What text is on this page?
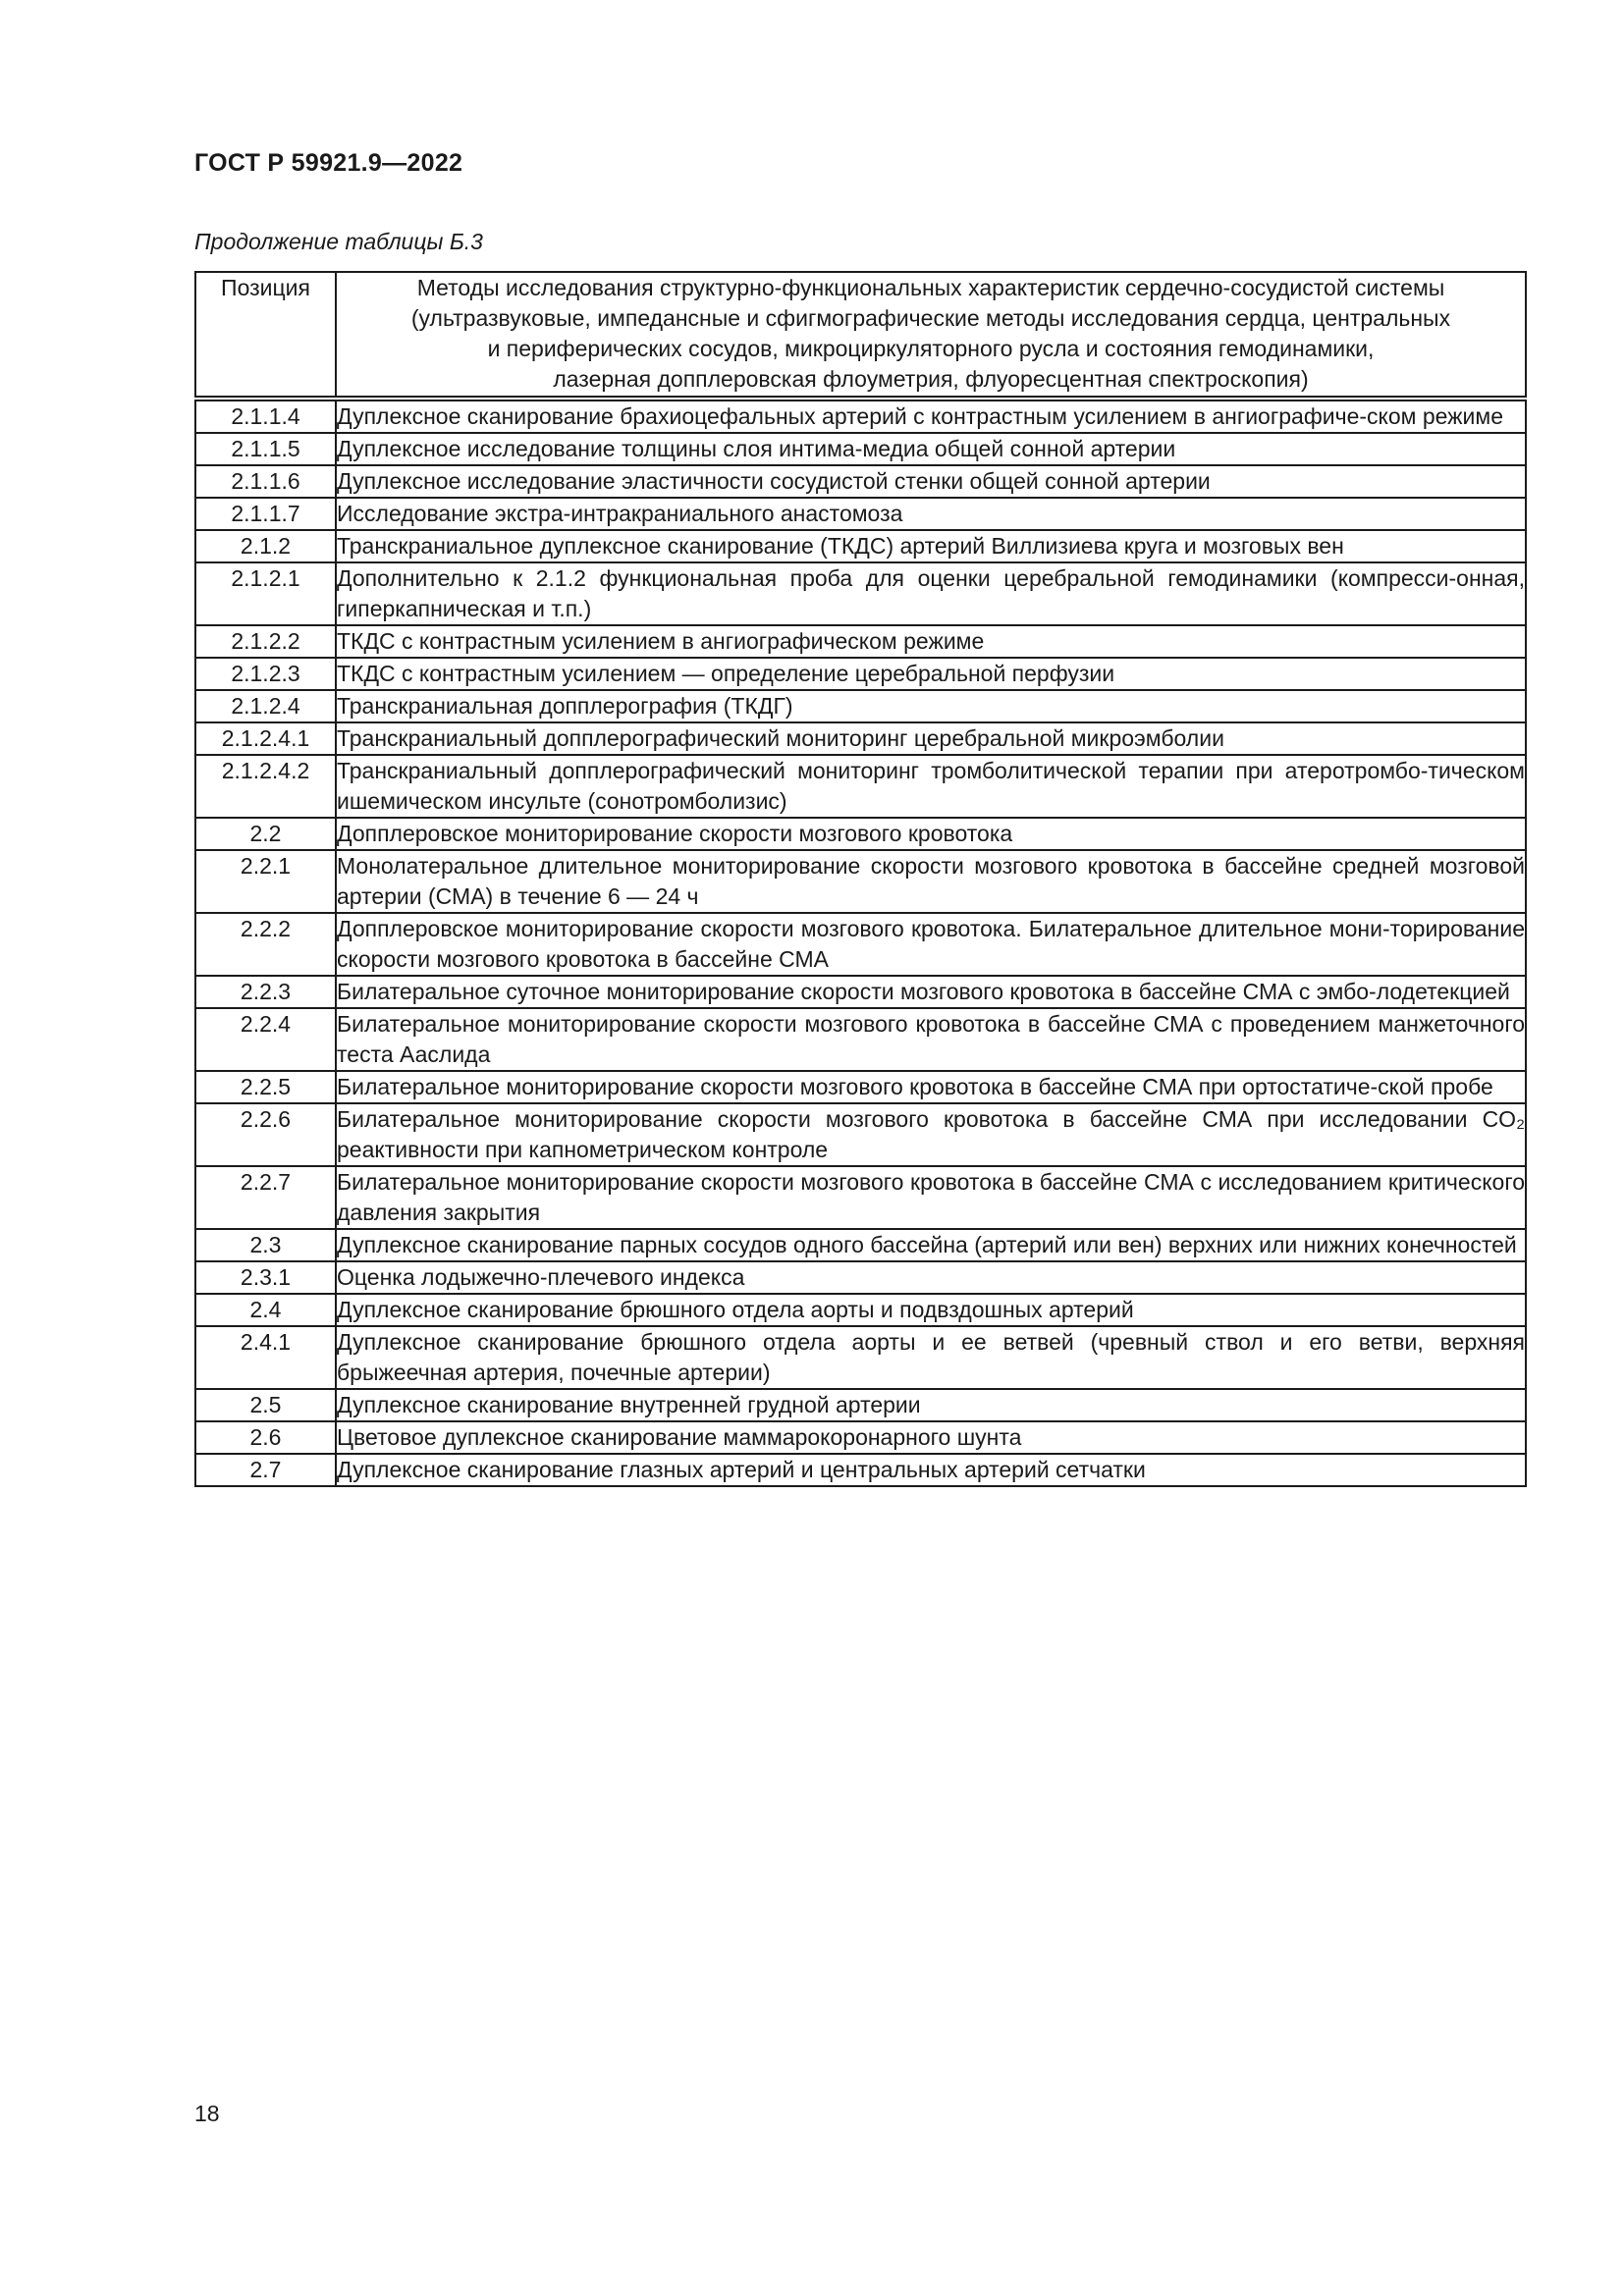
ГОСТ Р 59921.9—2022
Продолжение таблицы Б.3
Позиция	Методы исследования структурно-функциональных характеристик сердечно-сосудистой системы
(ультразвуковые, импедансные и сфигмографические методы исследования сердца, центральных
и периферических сосудов, микроциркуляторного русла и состояния гемодинамики,
лазерная допплеровская флоуметрия, флуоресцентная спектроскопия)

2.1.1.4	Дуплексное сканирование брахиоцефальных артерий с контрастным усилением в ангиографиче-ском режиме
2.1.1.5	Дуплексное исследование толщины слоя интима-медиа общей сонной артерии
2.1.1.6	Дуплексное исследование эластичности сосудистой стенки общей сонной артерии
2.1.1.7	Исследование экстра-интракраниального анастомоза
2.1.2	Транскраниальное дуплексное сканирование (ТКДС) артерий Виллизиева круга и мозговых вен
2.1.2.1	Дополнительно к 2.1.2 функциональная проба для оценки церебральной гемодинамики (компресси-онная, гиперкапническая и т.п.)
2.1.2.2	ТКДС с контрастным усилением в ангиографическом режиме
2.1.2.3	ТКДС с контрастным усилением — определение церебральной перфузии
2.1.2.4	Транскраниальная допплерография (ТКДГ)
2.1.2.4.1	Транскраниальный допплерографический мониторинг церебральной микроэмболии
2.1.2.4.2	Транскраниальный допплерографический мониторинг тромболитической терапии при атеротромбо-тическом ишемическом инсульте (сонотромболизис)
2.2	Допплеровское мониторирование скорости мозгового кровотока
2.2.1	Монолатеральное длительное мониторирование скорости мозгового кровотока в бассейне средней мозговой артерии (СМА) в течение 6 — 24 ч
2.2.2	Допплеровское мониторирование скорости мозгового кровотока. Билатеральное длительное мони-торирование скорости мозгового кровотока в бассейне СМА
2.2.3	Билатеральное суточное мониторирование скорости мозгового кровотока в бассейне СМА с эмбо-лодетекцией
2.2.4	Билатеральное мониторирование скорости мозгового кровотока в бассейне СМА с проведением манжеточного теста Ааслида
2.2.5	Билатеральное мониторирование скорости мозгового кровотока в бассейне СМА при ортостатиче-ской пробе
2.2.6	Билатеральное мониторирование скорости мозгового кровотока в бассейне СМА при исследовании CO₂ реактивности при капнометрическом контроле
2.2.7	Билатеральное мониторирование скорости мозгового кровотока в бассейне СМА с исследованием критического давления закрытия
2.3	Дуплексное сканирование парных сосудов одного бассейна (артерий или вен) верхних или нижних конечностей
2.3.1	Оценка лодыжечно-плечевого индекса
2.4	Дуплексное сканирование брюшного отдела аорты и подвздошных артерий
2.4.1	Дуплексное сканирование брюшного отдела аорты и ее ветвей (чревный ствол и его ветви, верхняя брыжеечная артерия, почечные артерии)
2.5	Дуплексное сканирование внутренней грудной артерии
2.6	Цветовое дуплексное сканирование маммарокоронарного шунта
2.7	Дуплексное сканирование глазных артерий и центральных артерий сетчатки
18
